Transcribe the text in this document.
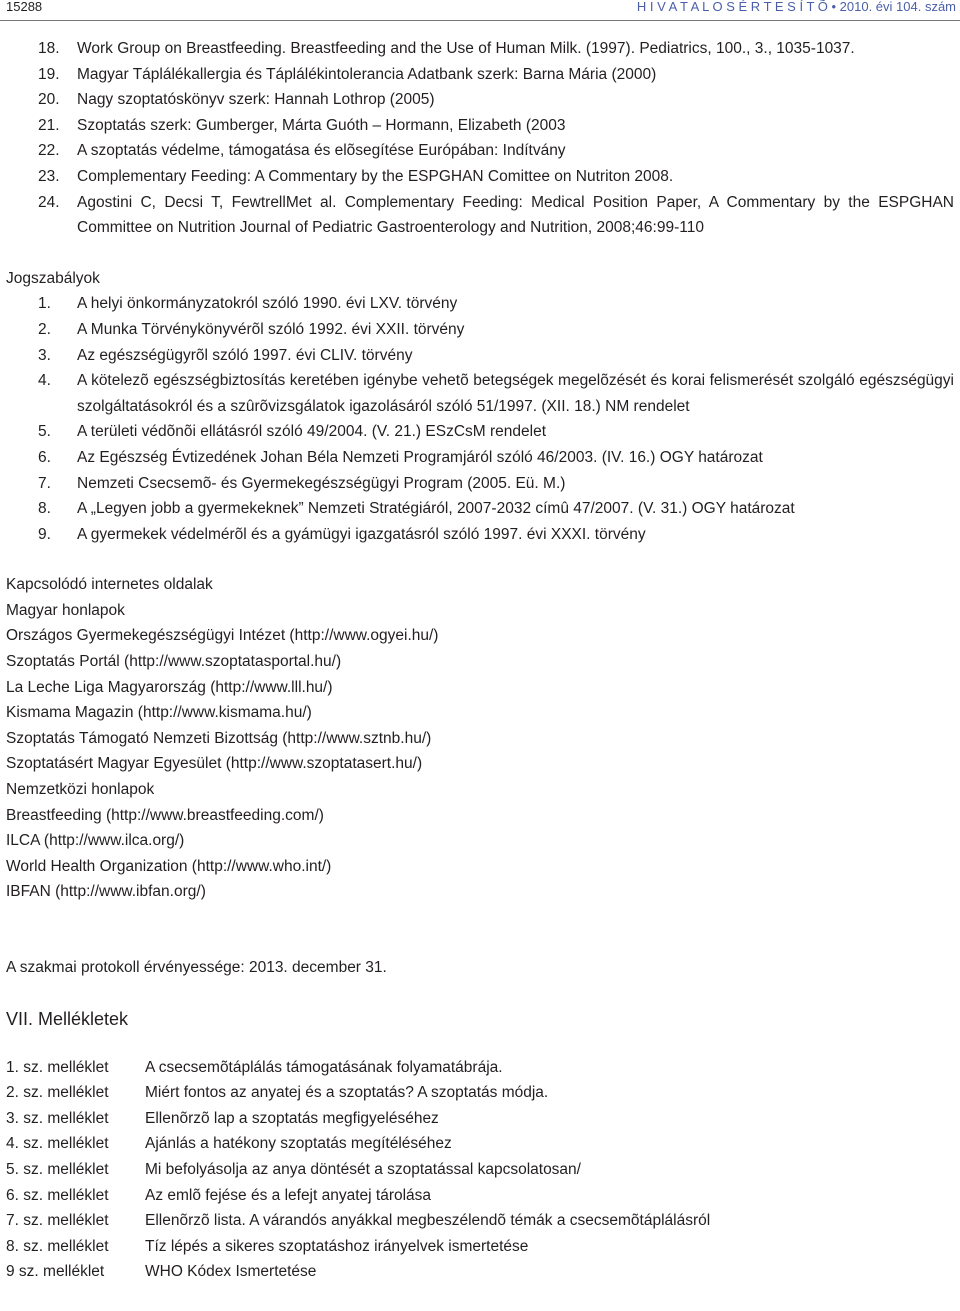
15288	H I V A T A L O S É R T E S Í T Õ • 2010. évi 104. szám
18. Work Group on Breastfeeding. Breastfeeding and the Use of Human Milk. (1997). Pediatrics, 100., 3., 1035-1037.
19. Magyar Táplálékallergia és Táplálékintolerancia Adatbank szerk: Barna Mária (2000)
20. Nagy szoptatóskönyv szerk: Hannah Lothrop (2005)
21. Szoptatás szerk: Gumberger, Márta Guóth – Hormann, Elizabeth (2003
22. A szoptatás védelme, támogatása és elõsegítése Európában: Indítvány
23. Complementary Feeding: A Commentary by the ESPGHAN Comittee on Nutriton 2008.
24. Agostini C, Decsi T, FewtrellMet al. Complementary Feeding: Medical Position Paper, A Commentary by the ESPGHAN Committee on Nutrition Journal of Pediatric Gastroenterology and Nutrition, 2008;46:99-110
Jogszabályok
1. A helyi önkormányzatokról szóló 1990. évi LXV. törvény
2. A Munka Törvénykönyvérõl szóló 1992. évi XXII. törvény
3. Az egészségügyrõl szóló 1997. évi CLIV. törvény
4. A kötelezõ egészségbiztosítás keretében igénybe vehetõ betegségek megelõzését és korai felismerését szolgáló egészségügyi szolgáltatásokról és a szûrõvizsgálatok igazolásáról szóló 51/1997. (XII. 18.) NM rendelet
5. A területi védõnõi ellátásról szóló 49/2004. (V. 21.) ESzCsM rendelet
6. Az Egészség Évtizedének Johan Béla Nemzeti Programjáról szóló 46/2003. (IV. 16.) OGY határozat
7. Nemzeti Csecsemõ- és Gyermekegészségügyi Program (2005. Eü. M.)
8. A „Legyen jobb a gyermekeknek” Nemzeti Stratégiáról, 2007-2032 címû 47/2007. (V. 31.) OGY határozat
9. A gyermekek védelmérõl és a gyámügyi igazgatásról szóló 1997. évi XXXI. törvény
Kapcsolódó internetes oldalak
Magyar honlapok
Országos Gyermekegészségügyi Intézet (http://www.ogyei.hu/)
Szoptatás Portál (http://www.szoptatasportal.hu/)
La Leche Liga Magyarország (http://www.lll.hu/)
Kismama Magazin (http://www.kismama.hu/)
Szoptatás Támogató Nemzeti Bizottság (http://www.sztnb.hu/)
Szoptatásért Magyar Egyesület (http://www.szoptatasert.hu/)
Nemzetközi honlapok
Breastfeeding (http://www.breastfeeding.com/)
ILCA (http://www.ilca.org/)
World Health Organization (http://www.who.int/)
IBFAN (http://www.ibfan.org/)
A szakmai protokoll érvényessége: 2013. december 31.
VII. Mellékletek
1. sz. melléklet A csecsemõtáplálás támogatásának folyamatábrája.
2. sz. melléklet Miért fontos az anyatej és a szoptatás? A szoptatás módja.
3. sz. melléklet Ellenõrzõ lap a szoptatás megfigyeléséhez
4. sz. melléklet Ajánlás a hatékony szoptatás megítéléséhez
5. sz. melléklet Mi befolyásolja az anya döntését a szoptatással kapcsolatosan/
6. sz. melléklet Az emlõ fejése és a lefejt anyatej tárolása
7. sz. melléklet Ellenõrzõ lista. A várandós anyákkal megbeszélendõ témák a csecsemõtáplálásról
8. sz. melléklet Tíz lépés a sikeres szoptatáshoz irányelvek ismertetése
9 sz. melléklet	WHO Kódex Ismertetése
